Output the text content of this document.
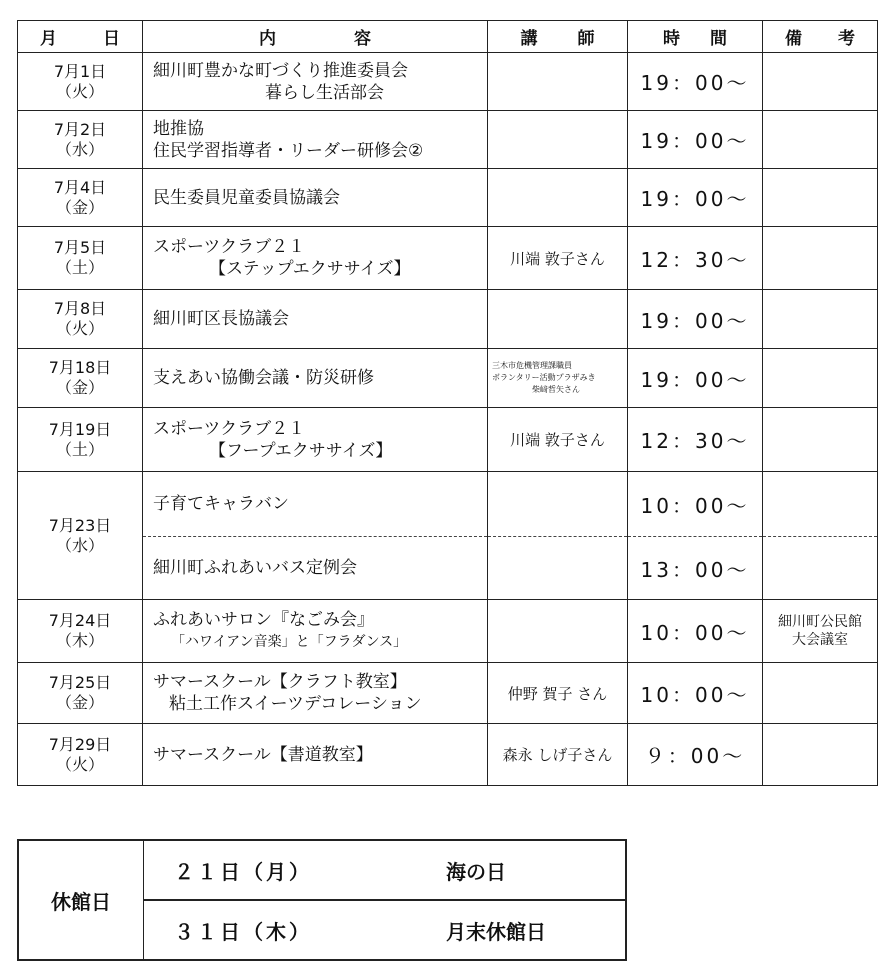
月 日	内 容	講 師	時 間	備 考

7月1日
（火）	細川町豊かな町づくり推進委員会
暮らし生活部会		19：00～	

7月2日
（水）	地推協
住民学習指導者・リーダー研修会②		19：00～	

7月4日
（金）	民生委員児童委員協議会		19：00～	

7月5日
（土）	スポーツクラブ２１
【ステップエクササイズ】	川端 敦子さん	12：30～	

7月8日
（火）	細川町区長協議会		19：00～	

7月18日
（金）	支えあい協働会議・防災研修	三木市危機管理課職員
ボランタリー活動プラザみき
柴﨑哲矢さん	19：00～	

7月19日
（土）	スポーツクラブ２１
【フープエクササイズ】	川端 敦子さん	12：30～	

7月23日
（水）	子育てキャラバン		10：00～	

	細川町ふれあいバス定例会		13：00～	

7月24日
（木）	ふれあいサロン『なごみ会』
「ハワイアン音楽」と「フラダンス」		10：00～	細川町公民館
大会議室

7月25日
（金）	サマースクール【クラフト教室】
粘土工作スイーツデコレーション	仲野 賀子 さん	10：00～	

7月29日
（火）	サマースクール【書道教室】	森永 しげ子さん	９：00～	
休館日	２１日（月）	海の日
３１日（木）	月末休館日
